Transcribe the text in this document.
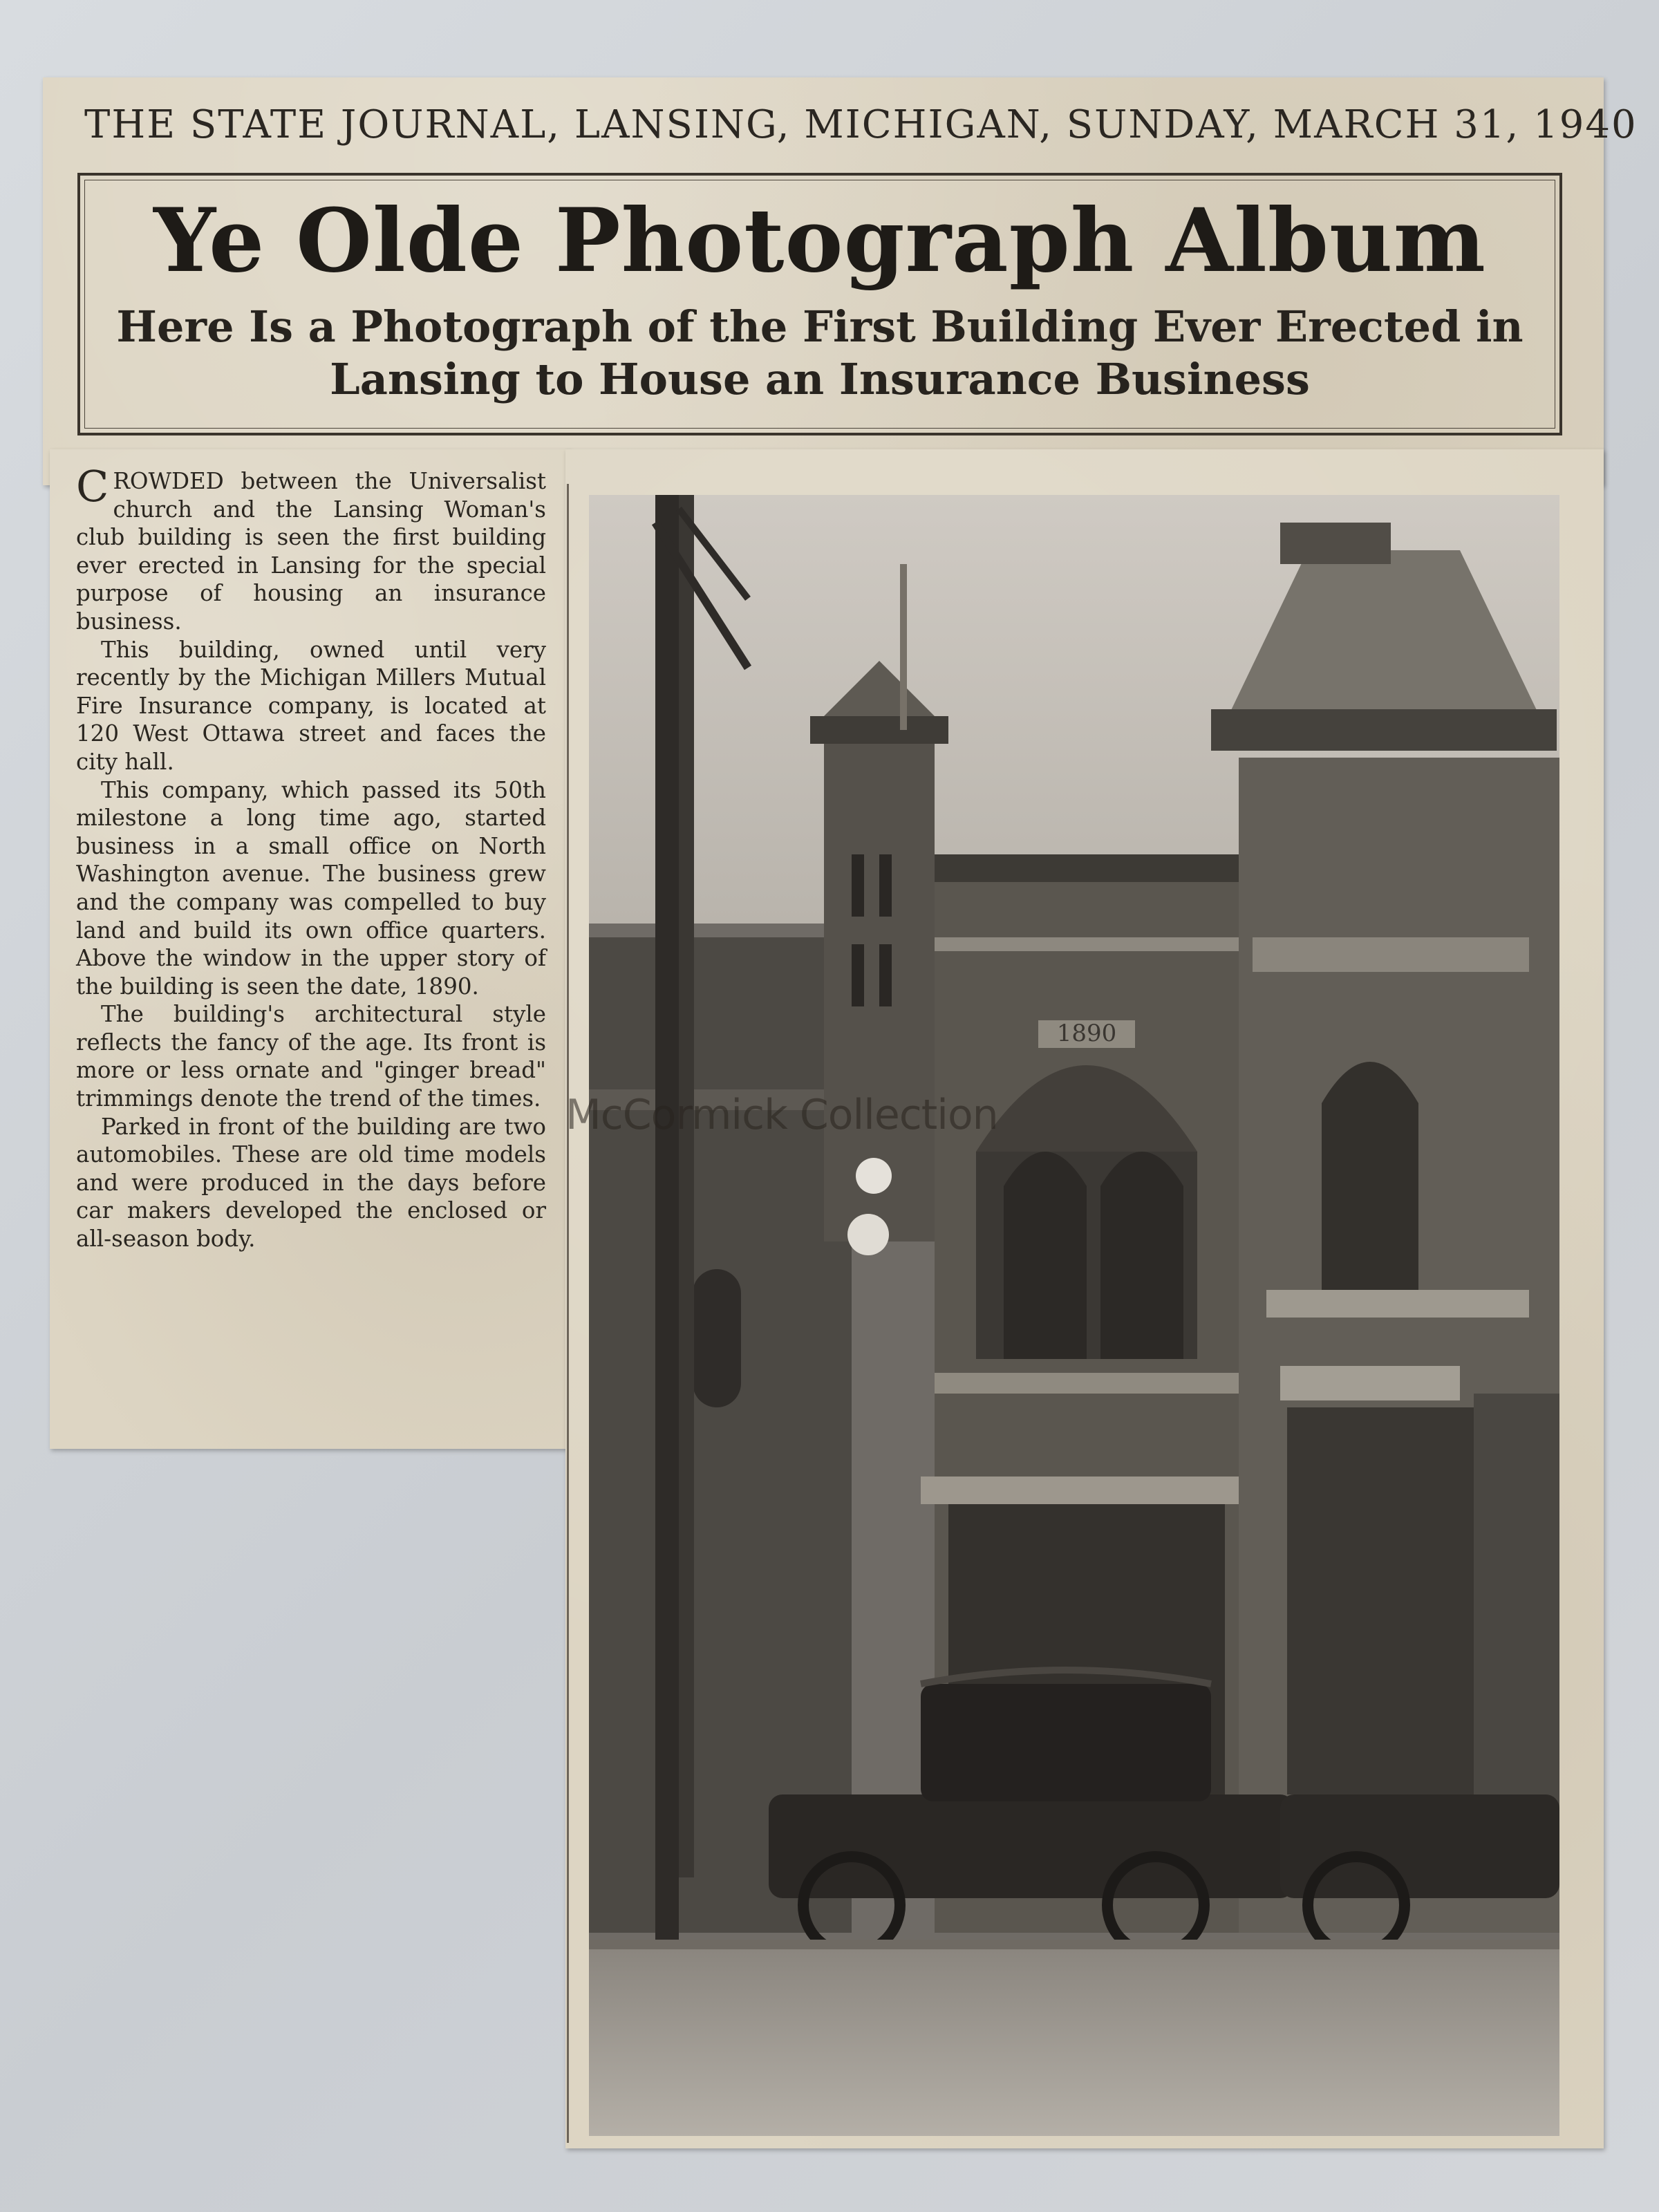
THE STATE JOURNAL, LANSING, MICHIGAN, SUNDAY, MARCH 31, 1940
Ye Olde Photograph Album
Here Is a Photograph of the First Building Ever Erected in
Lansing to House an Insurance Business

CROWDED between the Universalist church and the Lansing Woman's club building is seen the first building ever erected in Lansing for the special purpose of housing an insurance business.

This building, owned until very recently by the Michigan Millers Mutual Fire Insurance company, is located at 120 West Ottawa street and faces the city hall.

This company, which passed its 50th milestone a long time ago, started business in a small office on North Washington avenue. The business grew and the company was compelled to buy land and build its own office quarters. Above the window in the upper story of the building is seen the date, 1890.

The building's architectural style reflects the fancy of the age. Its front is more or less ornate and "ginger bread" trimmings denote the trend of the times.

Parked in front of the building are two automobiles. These are old time models and were produced in the days before car makers developed the enclosed or all-season body.

1890
McCormick Collection
